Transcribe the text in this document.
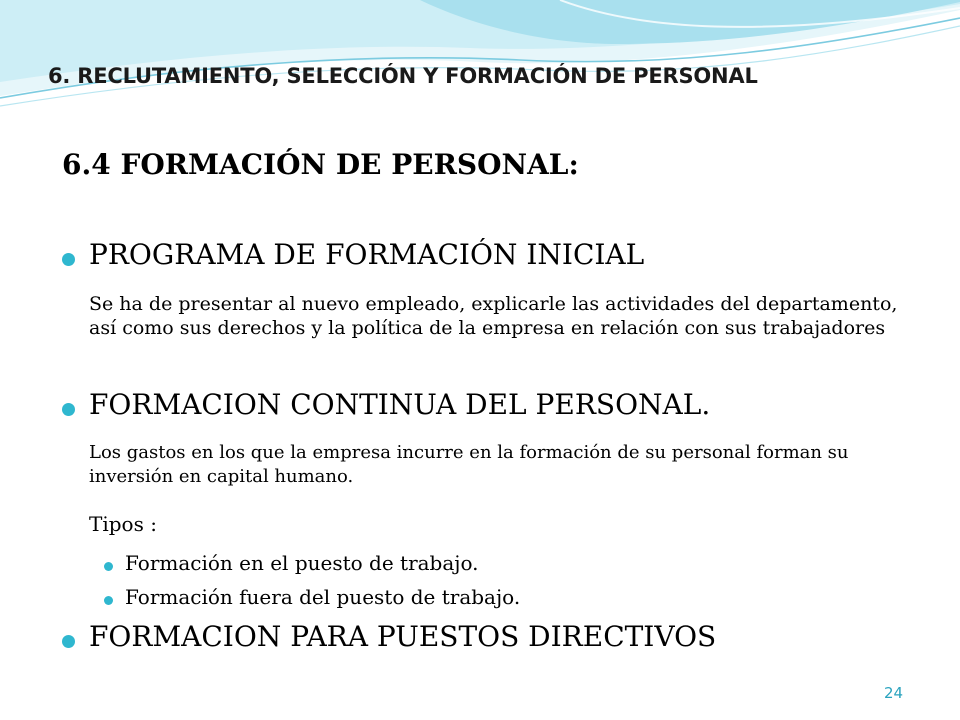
6. RECLUTAMIENTO, SELECCIÓN Y FORMACIÓN DE PERSONAL
6.4 FORMACIÓN DE PERSONAL:
PROGRAMA DE FORMACIÓN INICIAL
Se ha de presentar al nuevo empleado, explicarle las actividades del departamento, así como sus derechos y la política de la empresa en relación con sus trabajadores
FORMACION CONTINUA DEL PERSONAL.
Los gastos en los que la empresa incurre en la formación de su personal forman su inversión en capital humano.
Tipos :
Formación en el puesto de trabajo.
Formación fuera del puesto de trabajo.
FORMACION PARA PUESTOS DIRECTIVOS
24
